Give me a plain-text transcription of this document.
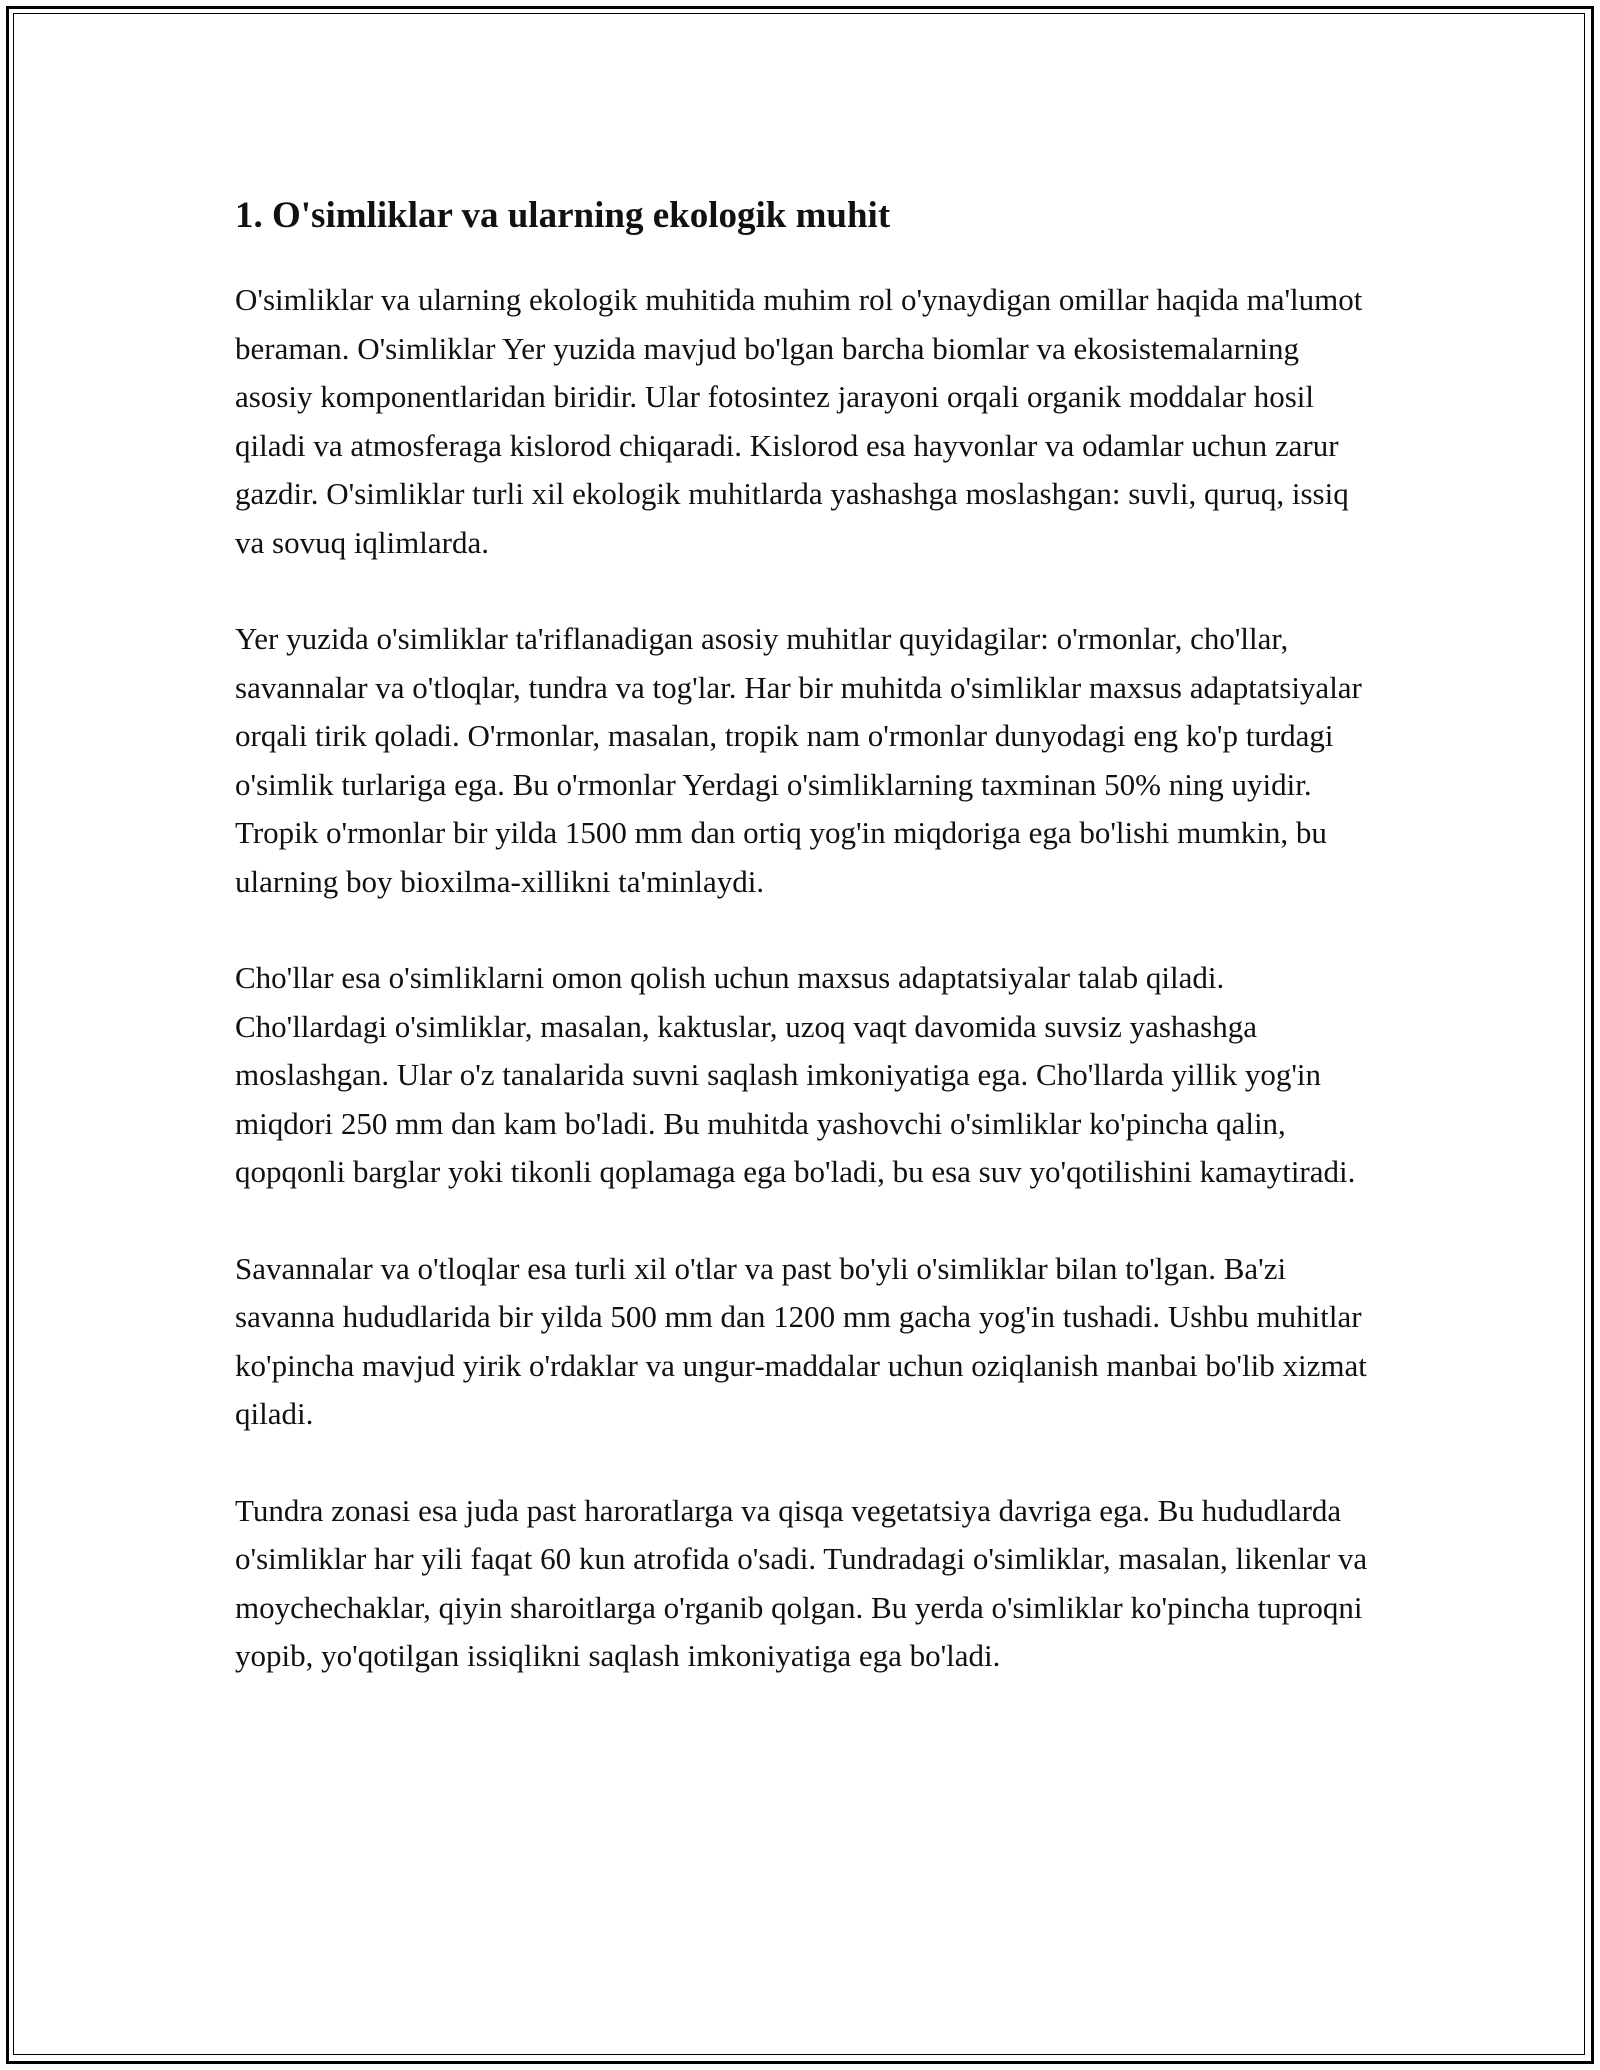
1. O'simliklar va ularning ekologik muhit

O'simliklar va ularning ekologik muhitida muhim rol o'ynaydigan omillar haqida ma'lumot beraman. O'simliklar Yer yuzida mavjud bo'lgan barcha biomlar va ekosistemalarning asosiy komponentlaridan biridir. Ular fotosintez jarayoni orqali organik moddalar hosil qiladi va atmosferaga kislorod chiqaradi. Kislorod esa hayvonlar va odamlar uchun zarur gazdir. O'simliklar turli xil ekologik muhitlarda yashashga moslashgan: suvli, quruq, issiq va sovuq iqlimlarda.

Yer yuzida o'simliklar ta'riflanadigan asosiy muhitlar quyidagilar: o'rmonlar, cho'llar, savannalar va o'tloqlar, tundra va tog'lar. Har bir muhitda o'simliklar maxsus adaptatsiyalar orqali tirik qoladi. O'rmonlar, masalan, tropik nam o'rmonlar dunyodagi eng ko'p turdagi o'simlik turlariga ega. Bu o'rmonlar Yerdagi o'simliklarning taxminan 50% ning uyidir. Tropik o'rmonlar bir yilda 1500 mm dan ortiq yog'in miqdoriga ega bo'lishi mumkin, bu ularning boy bioxilma-xillikni ta'minlaydi.

Cho'llar esa o'simliklarni omon qolish uchun maxsus adaptatsiyalar talab qiladi. Cho'llardagi o'simliklar, masalan, kaktuslar, uzoq vaqt davomida suvsiz yashashga moslashgan. Ular o'z tanalarida suvni saqlash imkoniyatiga ega. Cho'llarda yillik yog'in miqdori 250 mm dan kam bo'ladi. Bu muhitda yashovchi o'simliklar ko'pincha qalin, qopqonli barglar yoki tikonli qoplamaga ega bo'ladi, bu esa suv yo'qotilishini kamaytiradi.

Savannalar va o'tloqlar esa turli xil o'tlar va past bo'yli o'simliklar bilan to'lgan. Ba'zi savanna hududlarida bir yilda 500 mm dan 1200 mm gacha yog'in tushadi. Ushbu muhitlar ko'pincha mavjud yirik o'rdaklar va ungur-maddalar uchun oziqlanish manbai bo'lib xizmat qiladi.

Tundra zonasi esa juda past haroratlarga va qisqa vegetatsiya davriga ega. Bu hududlarda o'simliklar har yili faqat 60 kun atrofida o'sadi. Tundradagi o'simliklar, masalan, likenlar va moychechaklar, qiyin sharoitlarga o'rganib qolgan. Bu yerda o'simliklar ko'pincha tuproqni yopib, yo'qotilgan issiqlikni saqlash imkoniyatiga ega bo'ladi.
